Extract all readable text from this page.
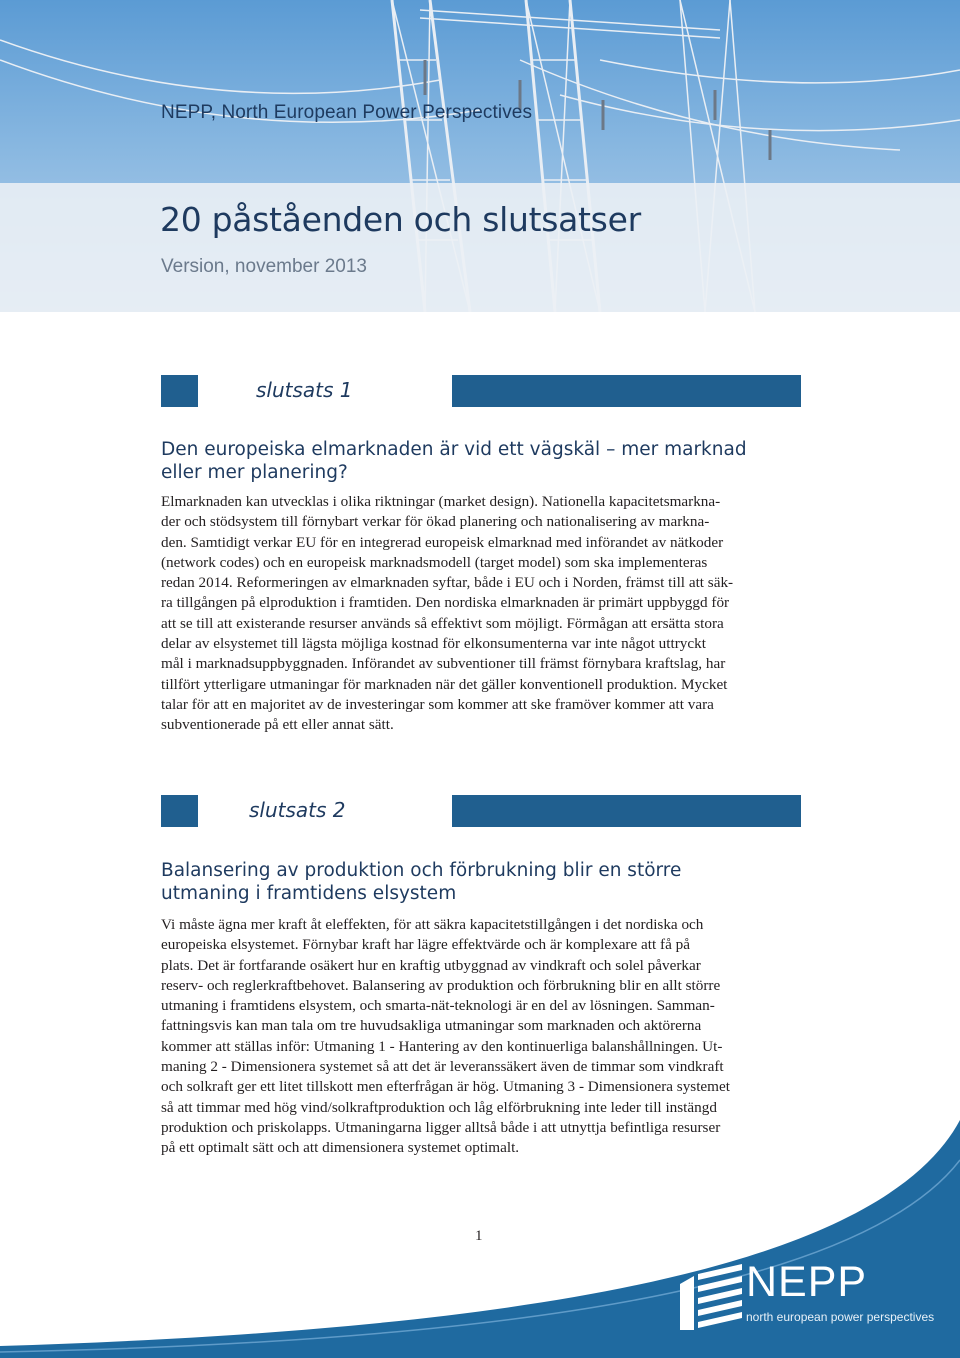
NEPP, North European Power Perspectives

20 påståenden och slutsatser

Version, november 2013

slutsats 1
Den europeiska elmarknaden är vid ett vägskäl – mer marknad
eller mer planering?

Elmarknaden kan utvecklas i olika riktningar (market design). Nationella kapacitetsmarkna-
der och stödsystem till förnybart verkar för ökad planering och nationalisering av markna-
den. Samtidigt verkar EU för en integrerad europeisk elmarknad med införandet av nätkoder
(network codes) och en europeisk marknadsmodell (target model) som ska implementeras
redan 2014. Reformeringen av elmarknaden syftar, både i EU och i Norden, främst till att säk-
ra tillgången på elproduktion i framtiden. Den nordiska elmarknaden är primärt uppbyggd för
att se till att existerande resurser används så effektivt som möjligt. Förmågan att ersätta stora
delar av elsystemet till lägsta möjliga kostnad för elkonsumenterna var inte något uttryckt
mål i marknadsuppbyggnaden. Införandet av subventioner till främst förnybara kraftslag, har
tillfört ytterligare utmaningar för marknaden när det gäller konventionell produktion. Mycket
talar för att en majoritet av de investeringar som kommer att ske framöver kommer att vara
subventionerade på ett eller annat sätt.

slutsats 2
Balansering av produktion och förbrukning blir en större
utmaning i framtidens elsystem

Vi måste ägna mer kraft åt eleffekten, för att säkra kapacitetstillgången i det nordiska och
europeiska elsystemet. Förnybar kraft har lägre effektvärde och är komplexare att få på
plats. Det är fortfarande osäkert hur en kraftig utbyggnad av vindkraft och solel påverkar
reserv- och reglerkraftbehovet. Balansering av produktion och förbrukning blir en allt större
utmaning i framtidens elsystem, och smarta-nät-teknologi är en del av lösningen. Samman-
fattningsvis kan man tala om tre huvudsakliga utmaningar som marknaden och aktörerna
kommer att ställas inför: Utmaning 1 - Hantering av den kontinuerliga balanshållningen. Ut-
maning 2 - Dimensionera systemet så att det är leveranssäkert även de timmar som vindkraft
och solkraft ger ett litet tillskott men efterfrågan är hög. Utmaning 3 - Dimensionera systemet
så att timmar med hög vind/solkraftproduktion och låg elförbrukning inte leder till instängd
produktion och priskolapps. Utmaningarna ligger alltså både i att utnyttja befintliga resurser
på ett optimalt sätt och att dimensionera systemet optimalt.

1

NEPP
north european power perspectives
